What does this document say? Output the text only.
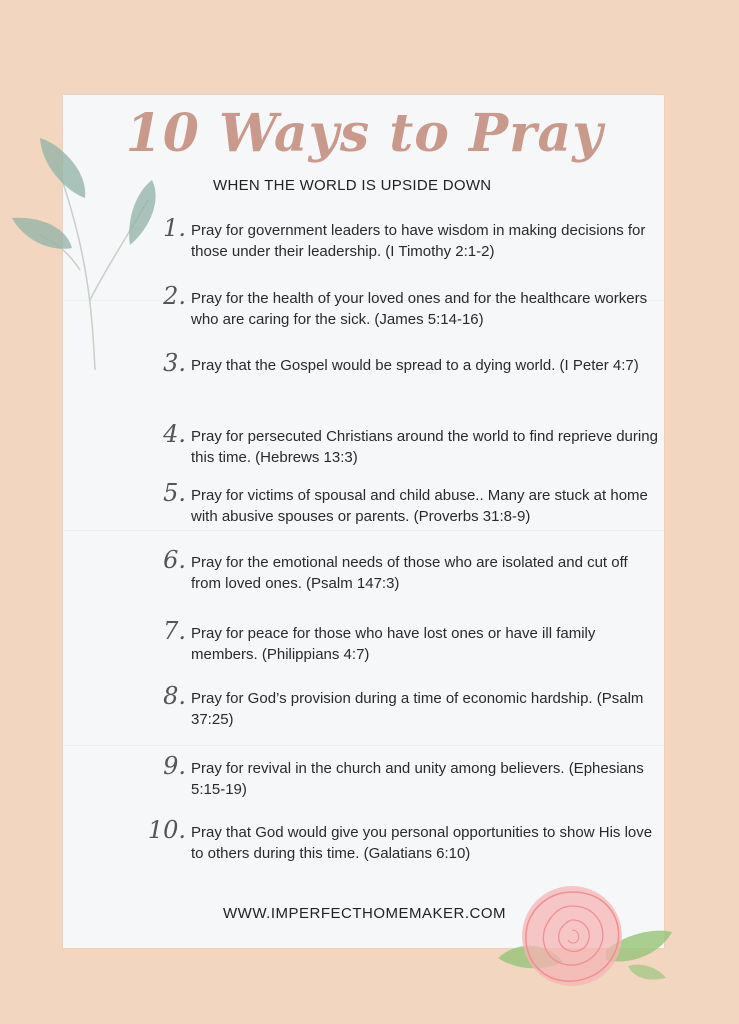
10 Ways to Pray
WHEN THE WORLD IS UPSIDE DOWN
1. Pray for government leaders to have wisdom in making decisions for those under their leadership. (I Timothy 2:1-2)
2. Pray for the health of your loved ones and for the healthcare workers who are caring for the sick. (James 5:14-16)
3. Pray that the Gospel would be spread to a dying world. (I Peter 4:7)
4. Pray for persecuted Christians around the world to find reprieve during this time. (Hebrews 13:3)
5. Pray for victims of spousal and child abuse.. Many are stuck at home with abusive spouses or parents. (Proverbs 31:8-9)
6. Pray for the emotional needs of those who are isolated and cut off from loved ones. (Psalm 147:3)
7. Pray for peace for those who have lost ones or have ill family members. (Philippians 4:7)
8. Pray for God’s provision during a time of economic hardship. (Psalm 37:25)
9. Pray for revival in the church and unity among believers. (Ephesians 5:15-19)
10. Pray that God would give you personal opportunities to show His love to others during this time. (Galatians 6:10)
WWW.IMPERFECTHOMEMAKER.COM
